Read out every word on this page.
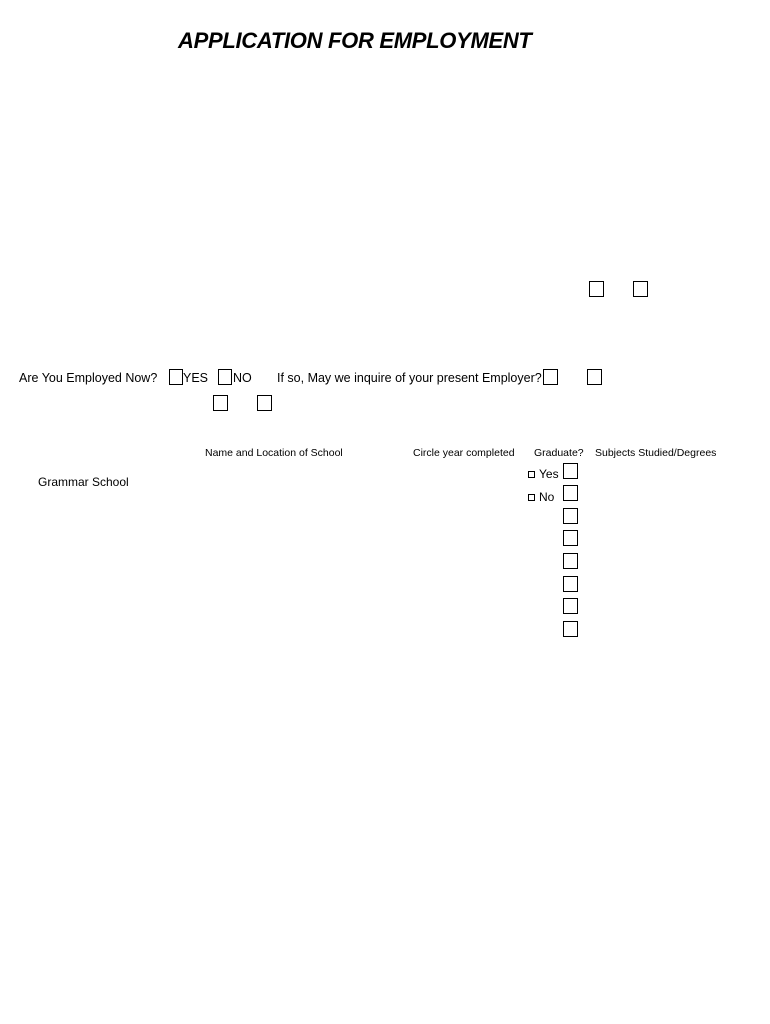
APPLICATION FOR EMPLOYMENT
Are You Employed Now? YES NO If so, May we inquire of your present Employer?
Name and Location of School	Circle year completed Graduate? Subjects Studied/Degrees
Grammar School
Yes
No
